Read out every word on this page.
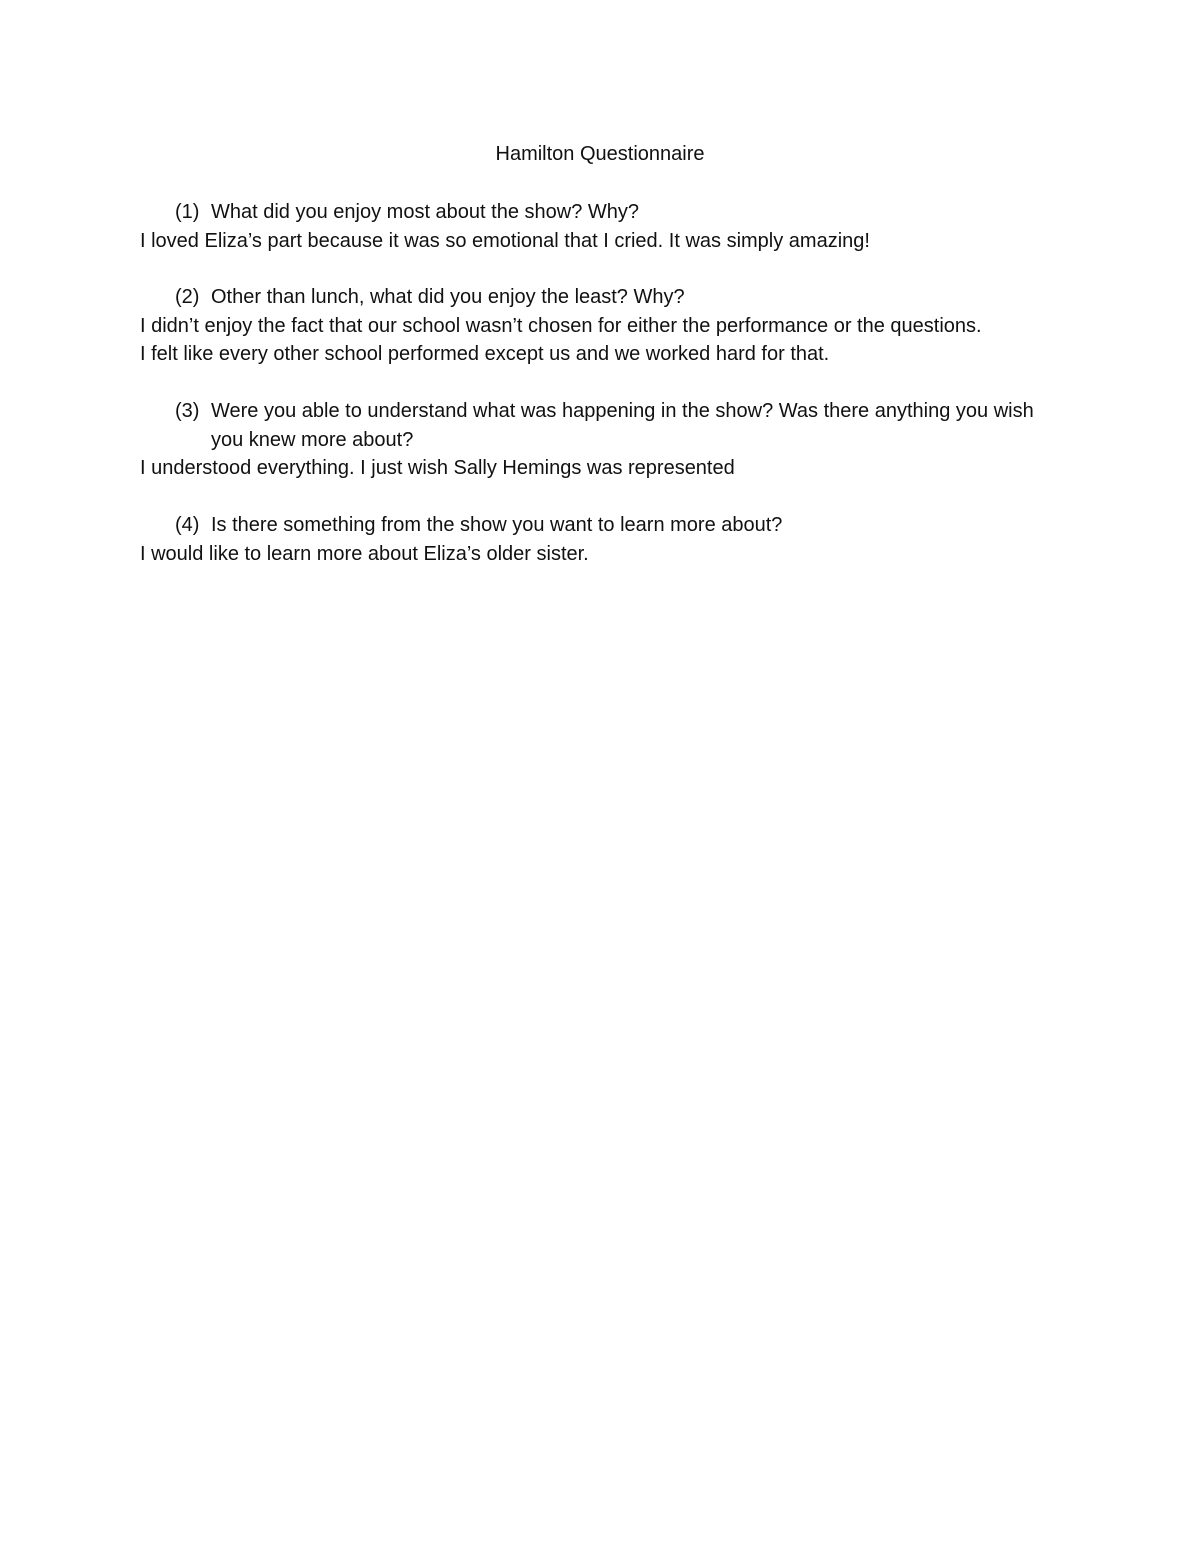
Hamilton Questionnaire
(1) What did you enjoy most about the show? Why?
I loved Eliza’s part because it was so emotional that I cried. It was simply amazing!
(2) Other than lunch, what did you enjoy the least? Why?
I didn’t enjoy the fact that our school wasn’t chosen for either the performance or the questions.
I felt like every other school performed except us and we worked hard for that.
(3) Were you able to understand what was happening in the show? Was there anything you wish you knew more about?
I understood everything. I just wish Sally Hemings was represented
(4) Is there something from the show you want to learn more about?
I would like to learn more about Eliza’s older sister.
